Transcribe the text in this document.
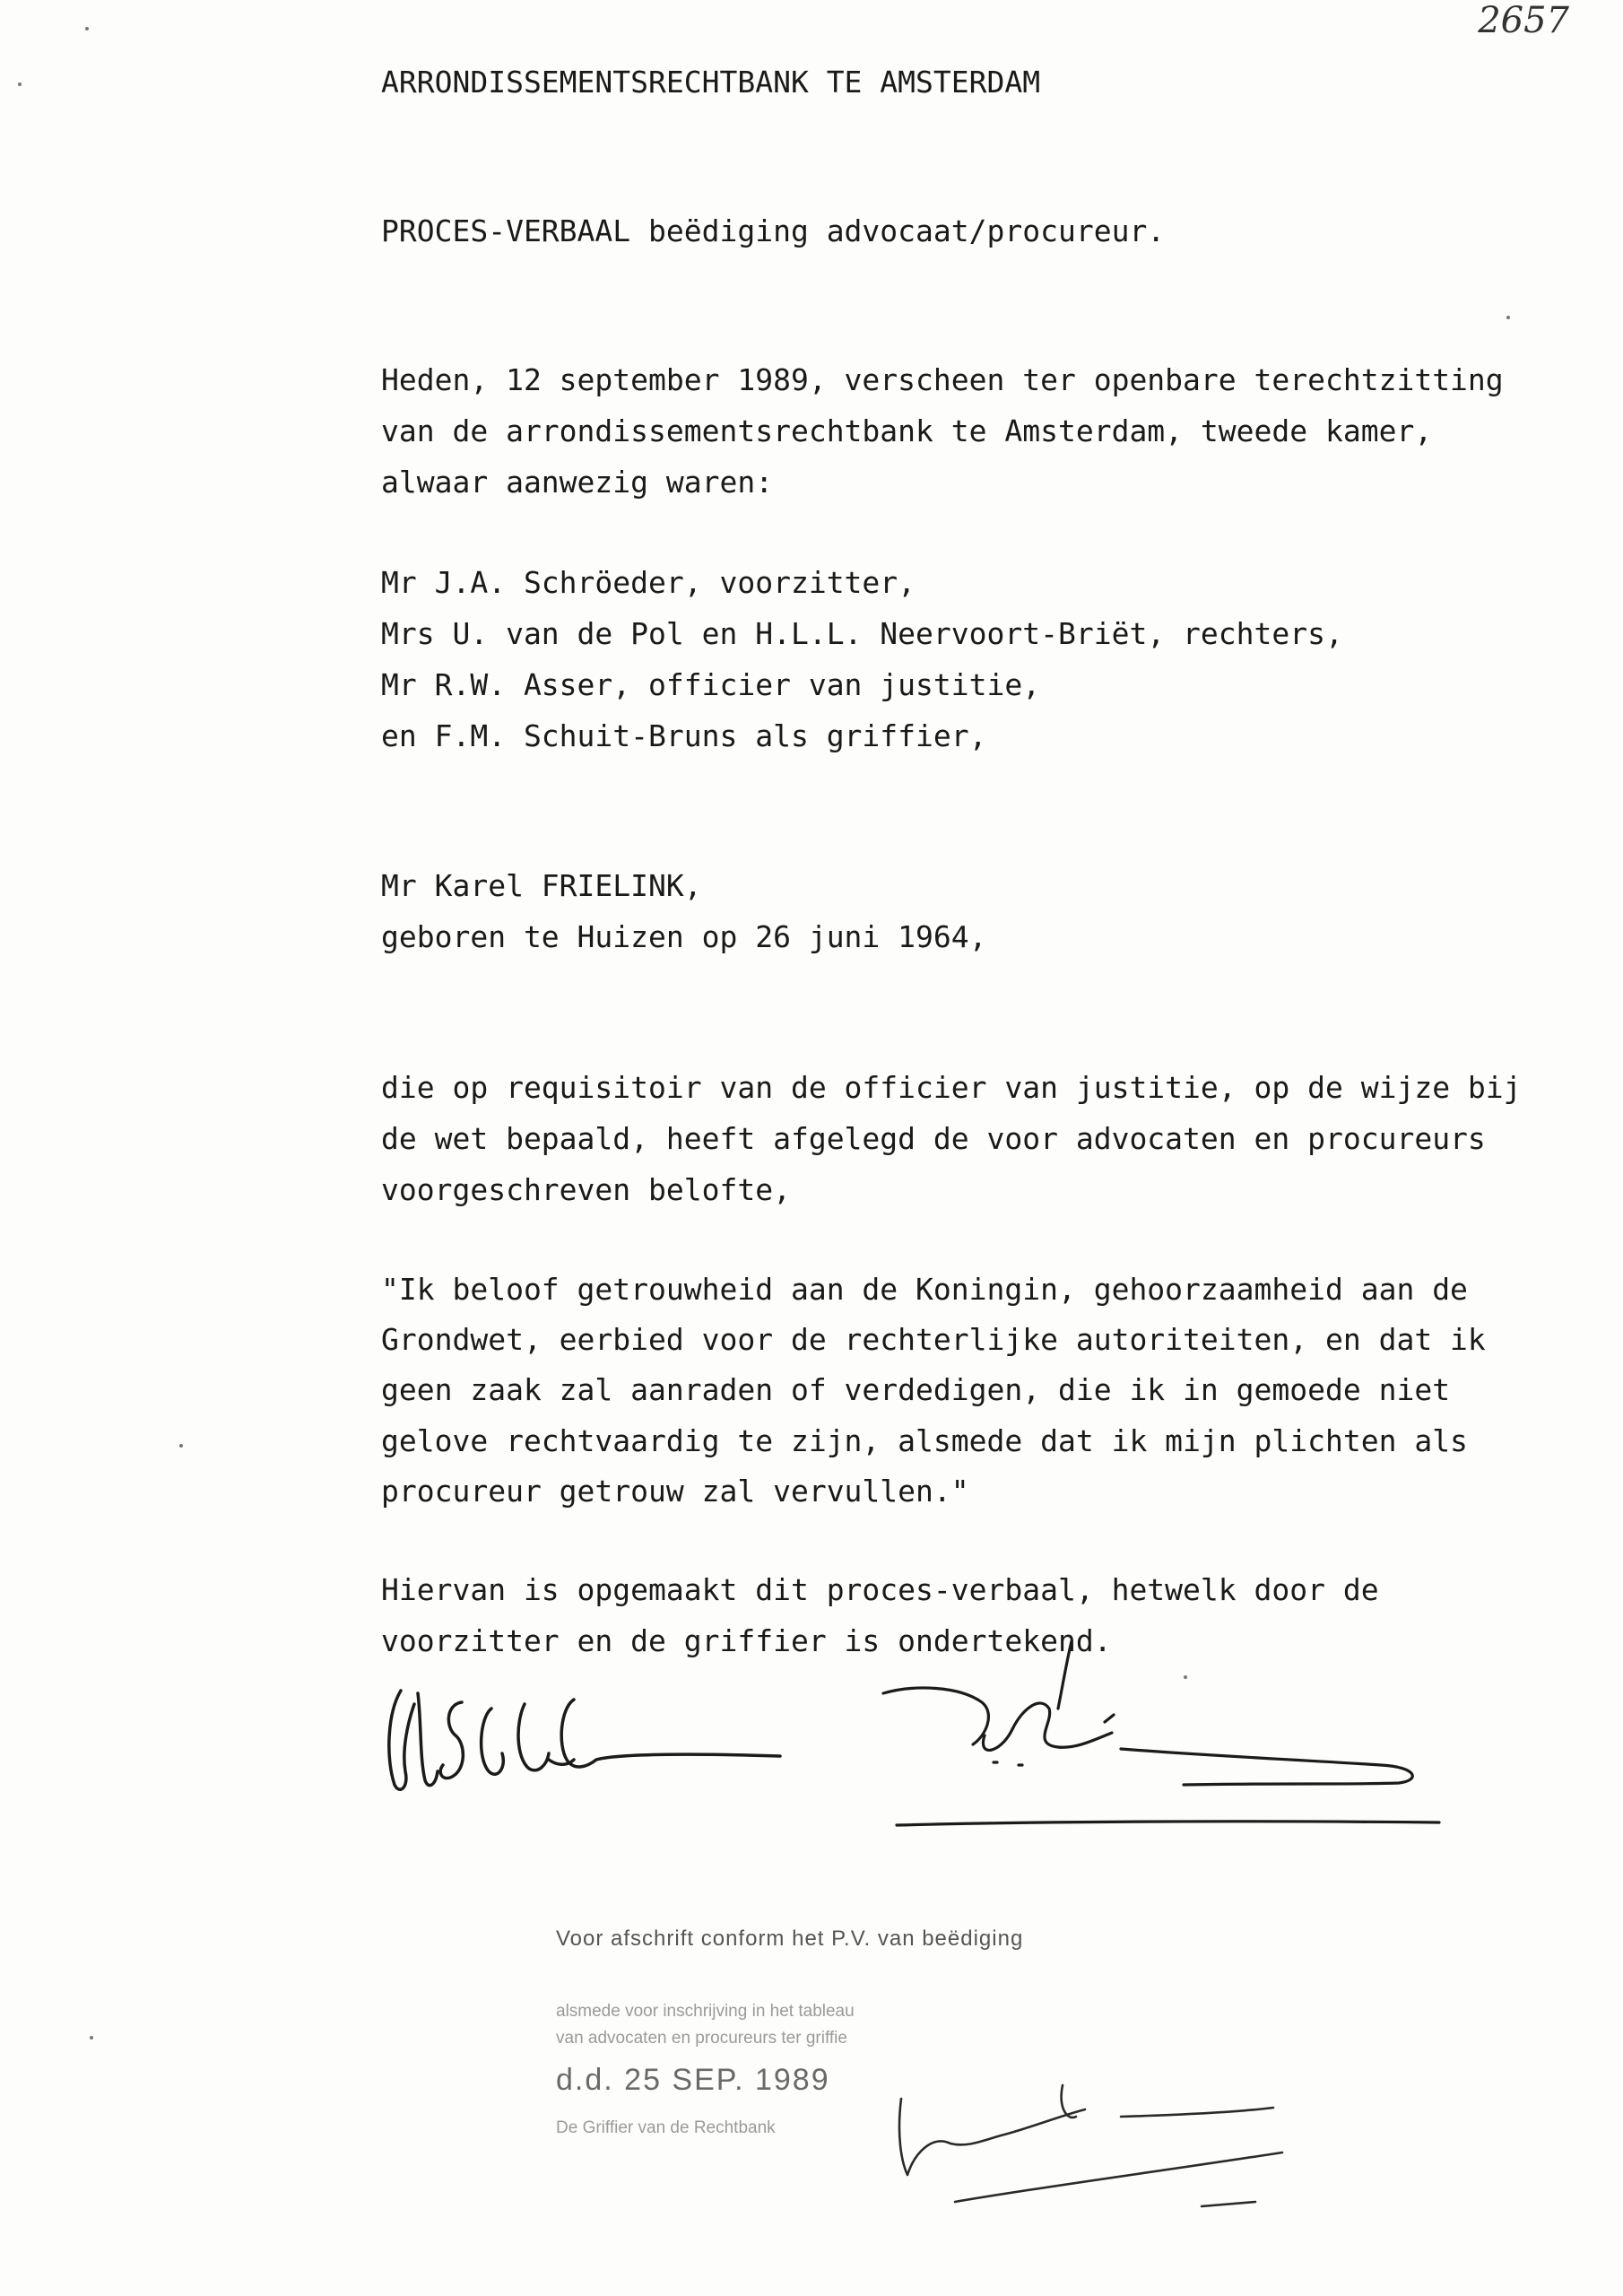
2657
ARRONDISSEMENTSRECHTBANK TE AMSTERDAM
PROCES-VERBAAL beëdiging advocaat/procureur.
Heden, 12 september 1989, verscheen ter openbare terechtzitting
van de arrondissementsrechtbank te Amsterdam, tweede kamer,
alwaar aanwezig waren:
Mr J.A. Schröeder, voorzitter,
Mrs U. van de Pol en H.L.L. Neervoort-Briët, rechters,
Mr R.W. Asser, officier van justitie,
en F.M. Schuit-Bruns als griffier,
Mr Karel FRIELINK,
geboren te Huizen op 26 juni 1964,
die op requisitoir van de officier van justitie, op de wijze bij
de wet bepaald, heeft afgelegd de voor advocaten en procureurs
voorgeschreven belofte,
"Ik beloof getrouwheid aan de Koningin, gehoorzaamheid aan de
Grondwet, eerbied voor de rechterlijke autoriteiten, en dat ik
geen zaak zal aanraden of verdedigen, die ik in gemoede niet
gelove rechtvaardig te zijn, alsmede dat ik mijn plichten als
procureur getrouw zal vervullen."
Hiervan is opgemaakt dit proces-verbaal, hetwelk door de
voorzitter en de griffier is ondertekend.
Voor afschrift conform het P.V. van beëdiging
alsmede voor inschrijving in het tableau
van advocaten en procureurs ter griffie
d.d. 25 SEP. 1989
De Griffier van de Rechtbank
